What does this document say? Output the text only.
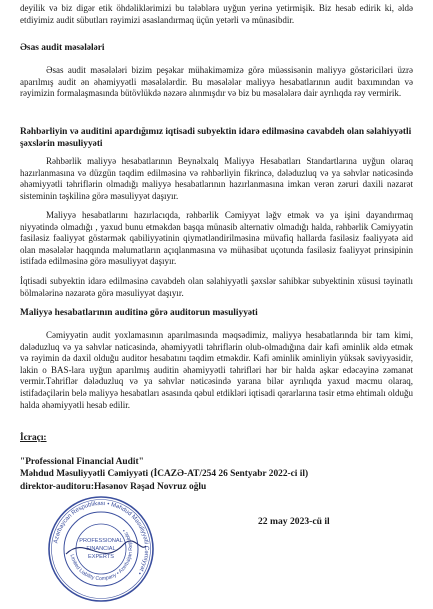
deyilik və biz digər etik öhdəliklərimizi bu tələblərə uyğun yerinə yetirmişik. Biz hesab edirik ki, əldə etdiyimiz audit sübutları rəyimizi əsaslandırmaq üçün yetərli və münasibdir.

Əsas audit məsələləri

Əsas audit məsələləri bizim peşəkar mühakiməmizə görə müəssisənin maliyyə göstəriciləri üzrə aparılmış audit ən əhəmiyyətli məsələlərdir. Bu məsələlər maliyyə hesabatlarının audit baxımından və rəyimizin formalaşmasında bütövlükdə nəzərə alınmışdır və biz bu məsələlərə dair ayrılıqda rəy vermirik.

Rəhbərliyin və auditini apardığımız iqtisadi subyektin idarə edilməsinə cavabdeh olan səlahiyyətli şəxslərin məsuliyyəti

Rəhbərlik maliyyə hesabatlarının Beynəlxalq Maliyyə Hesabatları Standartlarına uyğun olaraq hazırlanmasına və düzgün təqdim edilməsinə və rəhbərliyin fikrincə, dələduzluq və ya səhvlər nəticəsində əhəmiyyətli təhriflərin olmadığı maliyyə hesabatlarının hazırlanmasına imkan verən zəruri daxili nəzarət sisteminin təşkilinə görə məsuliyyət daşıyır.

Maliyyə hesabatlarını hazırlacıqda, rəhbərlik Cəmiyyət ləğv etmək və ya işini dayandırmaq niyyətində olmadığı , yaxud bunu etməkdən başqa münasib alternativ olmadığı halda, rəhbərlik Cəmiyyətin fasiləsiz fəaliyyət göstərmək qabiliyyətinin qiymətləndirilməsinə müvafiq hallarda fasiləsiz fəaliyyətə aid olan məsələlər haqqında məlumatların açıqlanmasına və mühasibat uçotunda fasiləsiz fəaliyyət prinsipinin istifadə edilməsinə görə məsuliyyət daşıyır.

İqtisadi subyektin idarə edilməsinə cavabdeh olan səlahiyyətli şəxslər sahibkar subyektinin xüsusi təyinatlı bölmələrinə nəzarətə görə məsuliyyət daşıyır.

Maliyyə hesabatlarının auditinə görə auditorun məsuliyyəti

Cəmiyyətin audit yoxlamasının aparılmasında məqsədimiz, maliyyə hesabatlarında bir tam kimi, dələduzluq və ya səhvlər nəticəsində, əhəmiyyətli təhriflərin olub-olmadığına dair kafi əminlik əldə etmək və rəyimin də daxil olduğu auditor hesabatını təqdim etməkdir. Kafi əminlik əminliyin yüksək səviyyəsidir, lakin o BAS-lara uyğun aparılmış auditin əhəmiyyətli təhrifləri hər bir halda aşkar edəcəyinə zəmanət vermir.Təhriflər dələduzluq və ya səhvlər nəticəsində yarana bilər ayrılıqda yaxud məcmu olaraq, istifadəçilərin belə maliyyə hesabatları əsasında qəbul etdikləri iqtisadi qərarlarına təsir etmə ehtimalı olduğu halda əhəmiyyətli hesab edilir.

İcraçı:
"Professional Financial Audit"
Məhdud Məsuliyyətli Cəmiyyəti (İCAZƏ-AT/254 26 Sentyabr 2022-ci il)
direktor-auditoru:Həsənov Rəşad Novruz oğlu
Azərbaycan Respublikası • Məhdud Məsuliyyətli Cəmiyyət •
Limited Liability Company • Azerbaijan Republic •
PROFESSIONAL
FINANCIAL
EXPERTS
22 may 2023-cü il
